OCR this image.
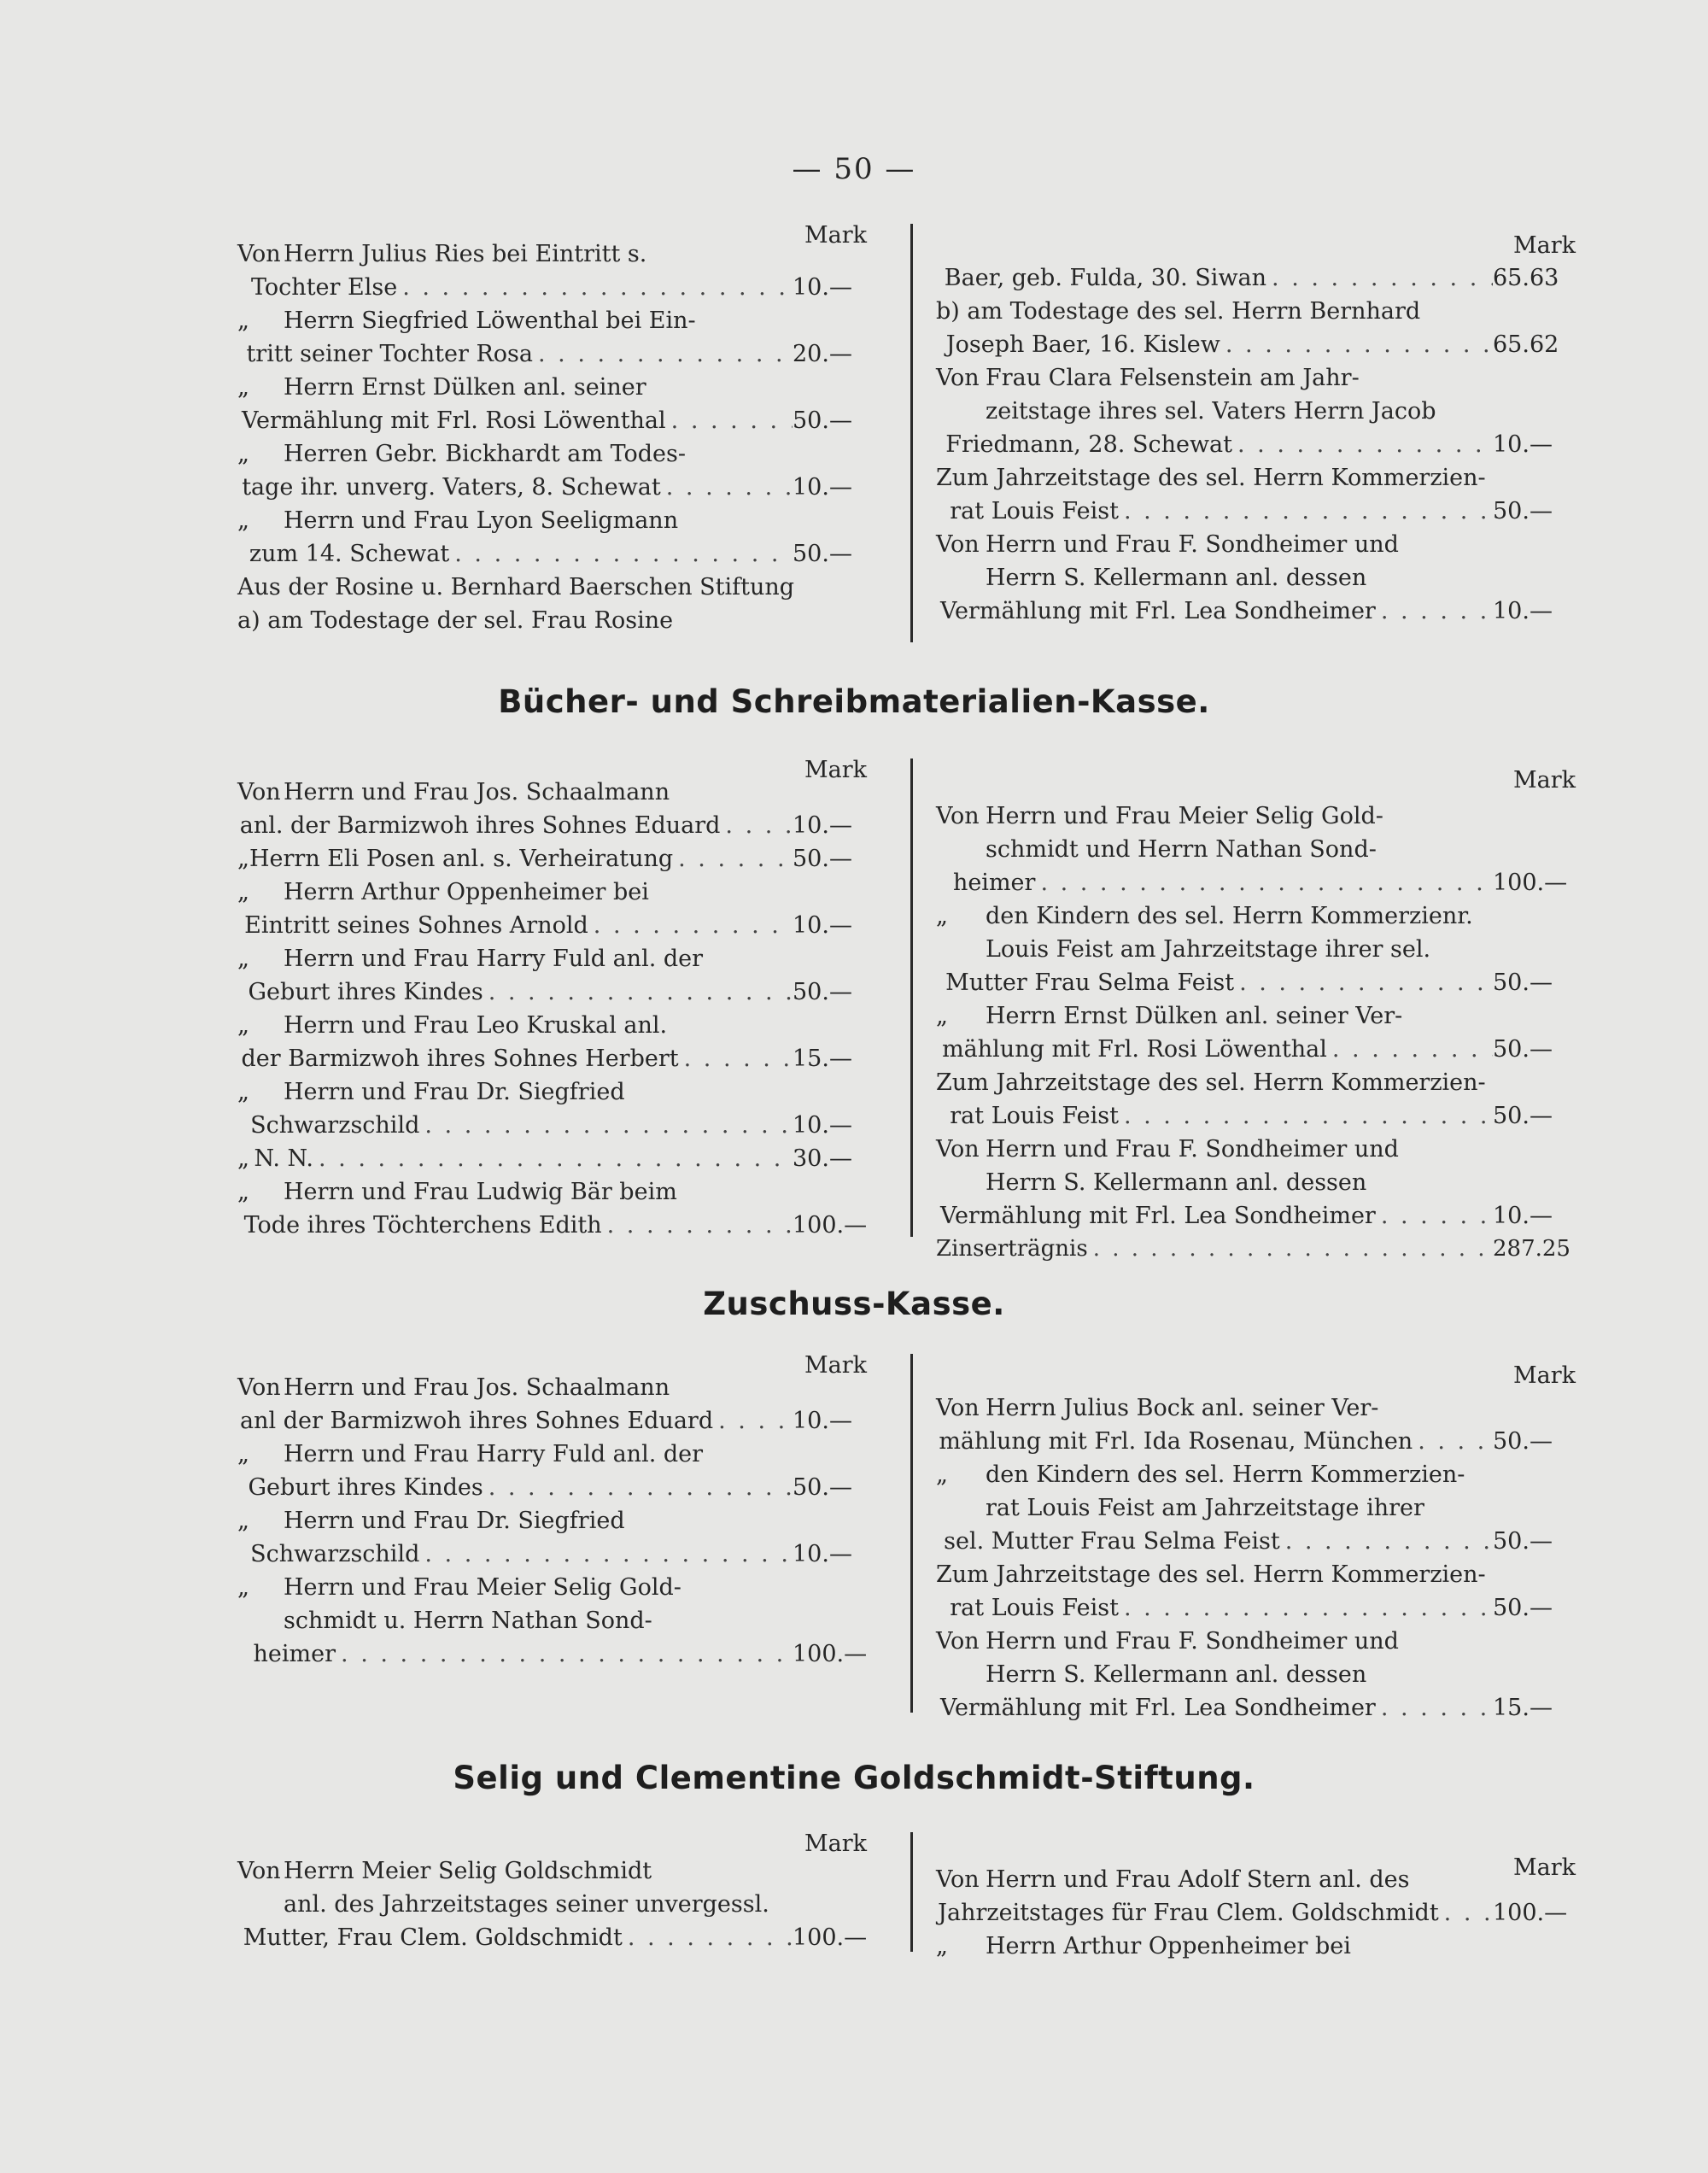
— 50 —
Mark
Von Herrn Julius Ries bei Eintritt s.
Tochter Else . . .	10.—
„	Herrn Siegfried Löwenthal bei Ein-
tritt seiner Tochter Rosa . . .	20.—
„	Herrn Ernst Dülken anl. seiner
Vermählung mit Frl. Rosi Löwenthal . . .	50.—
„	Herren Gebr. Bickhardt am Todes-
tage ihr. unverg. Vaters, 8. Schewat . . .	10.—
„	Herrn und Frau Lyon Seeligmann
zum 14. Schewat . . .	50.—
Aus der Rosine u. Bernhard Baerschen Stiftung
a) am Todestage der sel. Frau Rosine
Mark
Baer, geb. Fulda, 30. Siwan . . .	65.63
b) am Todestage des sel. Herrn Bernhard
Joseph Baer, 16. Kislew . . .	65.62
Von Frau Clara Felsenstein am Jahr-
zeitstage ihres sel. Vaters Herrn Jacob
Friedmann, 28. Schewat . . .	10.—
Zum Jahrzeitstage des sel. Herrn Kommerzien-
rat Louis Feist . . .	50.—
Von Herrn und Frau F. Sondheimer und
Herrn S. Kellermann anl. dessen
Vermählung mit Frl. Lea Sondheimer . . .	10.—
Bücher- und Schreibmaterialien-Kasse.
Mark
Von Herrn und Frau Jos. Schaalmann
anl. der Barmizwoh ihres Sohnes Eduard . . .	10.—
„ Herrn Eli Posen anl. s. Verheiratung . . .	50.—
„	Herrn Arthur Oppenheimer bei
Eintritt seines Sohnes Arnold . . .	10.—
„	Herrn und Frau Harry Fuld anl. der
Geburt ihres Kindes . . .	50.—
„	Herrn und Frau Leo Kruskal anl.
der Barmizwoh ihres Sohnes Herbert . . .	15.—
„	Herrn und Frau Dr. Siegfried
Schwarzschild . . .	10.—
„ N. N. . . .	30.—
„	Herrn und Frau Ludwig Bär beim
Tode ihres Töchterchens Edith . . .	100.—
Mark
Von Herrn und Frau Meier Selig Gold-
schmidt und Herrn Nathan Sond-
heimer . . .	100.—
„	den Kindern des sel. Herrn Kommerzienr.
Louis Feist am Jahrzeitstage ihrer sel.
Mutter Frau Selma Feist . . .	50.—
„	Herrn Ernst Dülken anl. seiner Ver-
mählung mit Frl. Rosi Löwenthal . . .	50.—
Zum Jahrzeitstage des sel. Herrn Kommerzien-
rat Louis Feist . . .	50.—
Von Herrn und Frau F. Sondheimer und
Herrn S. Kellermann anl. dessen
Vermählung mit Frl. Lea Sondheimer . . .	10.—
Zinserträgnis . . .	287.25
Zuschuss-Kasse.
Mark
Von Herrn und Frau Jos. Schaalmann
anl der Barmizwoh ihres Sohnes Eduard . . .	10.—
„	Herrn und Frau Harry Fuld anl. der
Geburt ihres Kindes . . .	50.—
„	Herrn und Frau Dr. Siegfried
Schwarzschild . . .	10.—
„	Herrn und Frau Meier Selig Gold-
schmidt u. Herrn Nathan Sond-
heimer . . .	100.—
Mark
Von Herrn Julius Bock anl. seiner Ver-
mählung mit Frl. Ida Rosenau, München . . .	50.—
„	den Kindern des sel. Herrn Kommerzien-
rat Louis Feist am Jahrzeitstage ihrer
sel. Mutter Frau Selma Feist . . .	50.—
Zum Jahrzeitstage des sel. Herrn Kommerzien-
rat Louis Feist . . .	50.—
Von Herrn und Frau F. Sondheimer und
Herrn S. Kellermann anl. dessen
Vermählung mit Frl. Lea Sondheimer . . .	15.—
Selig und Clementine Goldschmidt-Stiftung.
Mark
Von Herrn Meier Selig Goldschmidt
anl. des Jahrzeitstages seiner unvergessl.
Mutter, Frau Clem. Goldschmidt . . .	100.—
Mark
Von Herrn und Frau Adolf Stern anl. des
Jahrzeitstages für Frau Clem. Goldschmidt . . . 100.—
„	Herrn Arthur Oppenheimer bei
